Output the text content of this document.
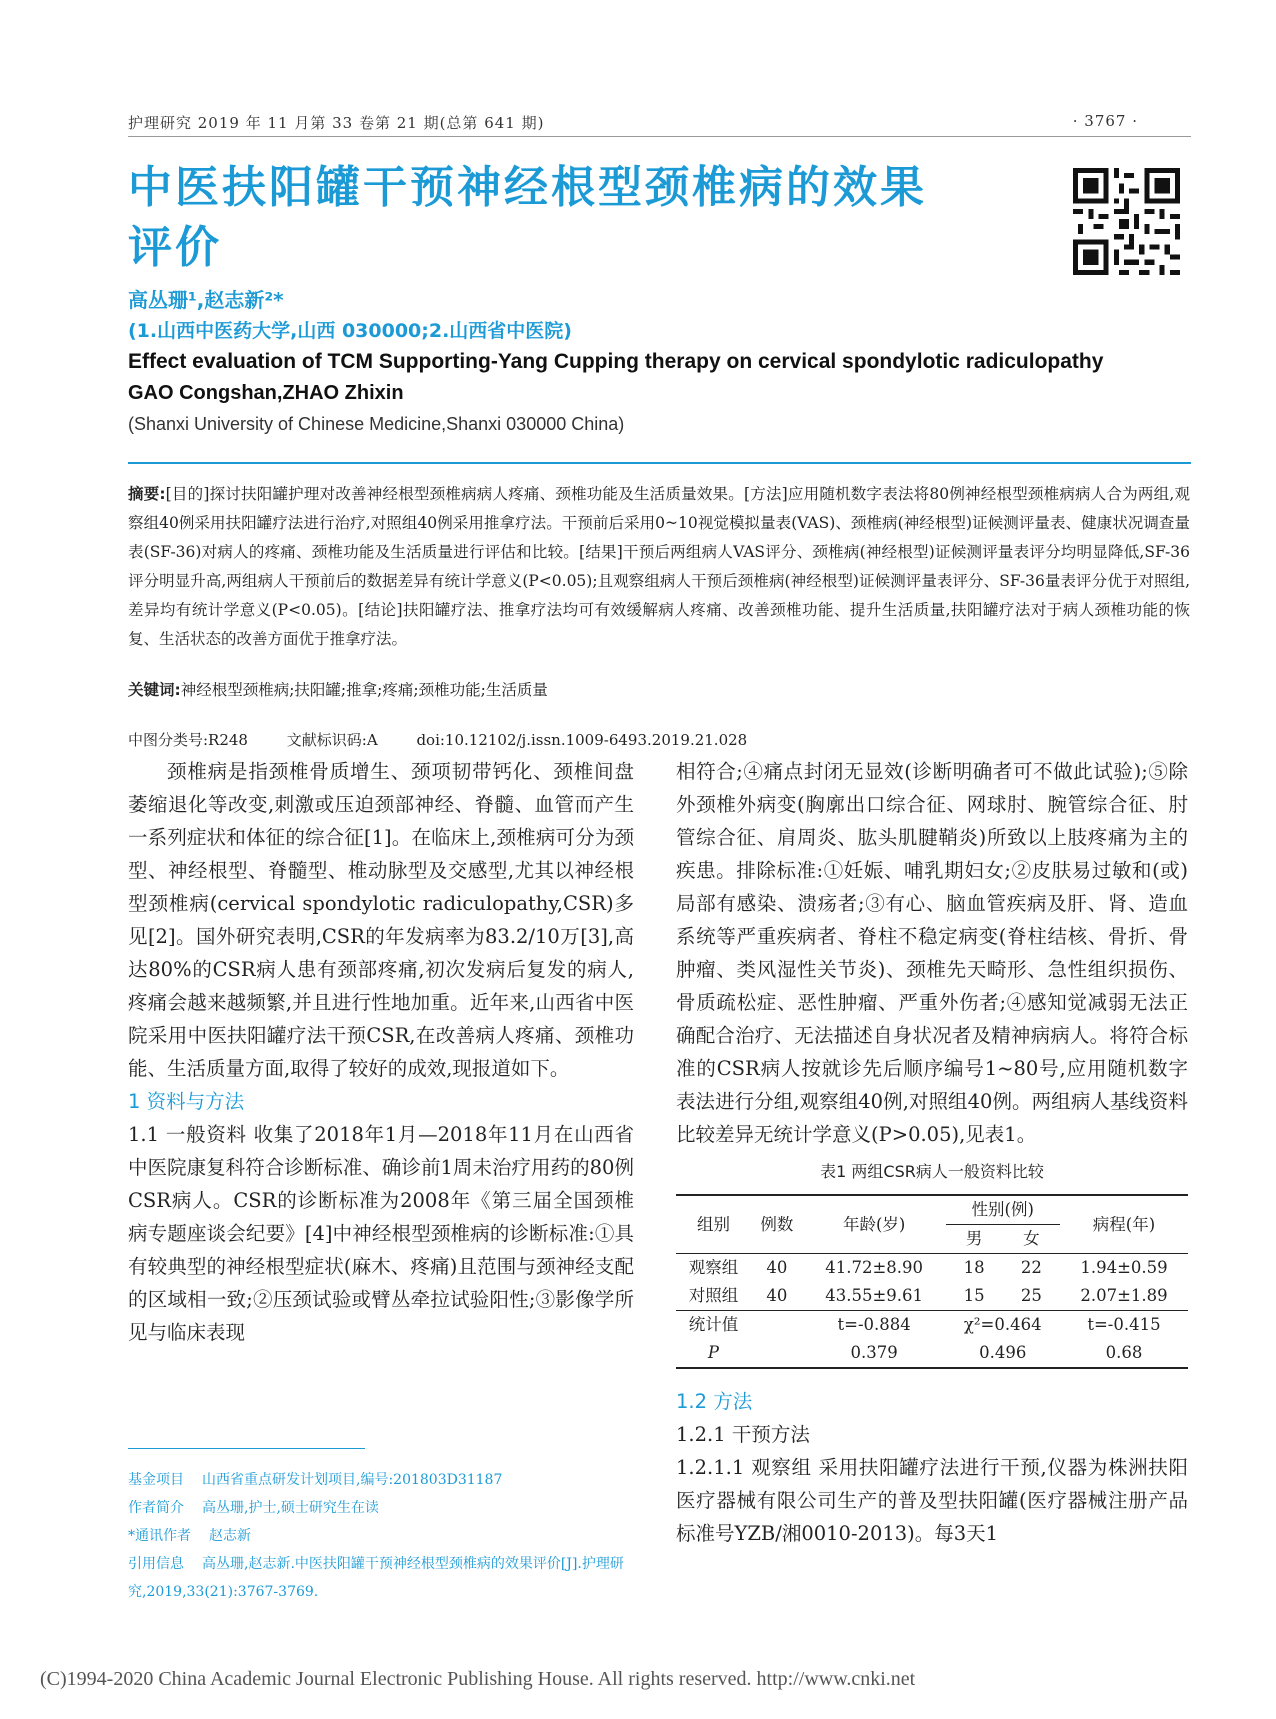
护理研究 2019 年 11 月第 33 卷第 21 期(总第 641 期)	· 3767 ·
中医扶阳罐干预神经根型颈椎病的效果
评价
高丛珊¹,赵志新²*
(1.山西中医药大学,山西 030000;2.山西省中医院)
Effect evaluation of TCM Supporting-Yang Cupping therapy on cervical spondylotic radiculopathy
GAO Congshan,ZHAO Zhixin
(Shanxi University of Chinese Medicine,Shanxi 030000 China)
摘要:[目的]探讨扶阳罐护理对改善神经根型颈椎病病人疼痛、颈椎功能及生活质量效果。[方法]应用随机数字表法将80例神经根型颈椎病病人合为两组,观察组40例采用扶阳罐疗法进行治疗,对照组40例采用推拿疗法。干预前后采用0~10视觉模拟量表(VAS)、颈椎病(神经根型)证候测评量表、健康状况调查量表(SF-36)对病人的疼痛、颈椎功能及生活质量进行评估和比较。[结果]干预后两组病人VAS评分、颈椎病(神经根型)证候测评量表评分均明显降低,SF-36评分明显升高,两组病人干预前后的数据差异有统计学意义(P<0.05);且观察组病人干预后颈椎病(神经根型)证候测评量表评分、SF-36量表评分优于对照组,差异均有统计学意义(P<0.05)。[结论]扶阳罐疗法、推拿疗法均可有效缓解病人疼痛、改善颈椎功能、提升生活质量,扶阳罐疗法对于病人颈椎功能的恢复、生活状态的改善方面优于推拿疗法。
关键词:神经根型颈椎病;扶阳罐;推拿;疼痛;颈椎功能;生活质量
中图分类号:R248	文献标识码:A	doi:10.12102/j.issn.1009-6493.2019.21.028

颈椎病是指颈椎骨质增生、颈项韧带钙化、颈椎间盘萎缩退化等改变,刺激或压迫颈部神经、脊髓、血管而产生一系列症状和体征的综合征[1]。在临床上,颈椎病可分为颈型、神经根型、脊髓型、椎动脉型及交感型,尤其以神经根型颈椎病(cervical spondylotic radiculopathy,CSR)多见[2]。国外研究表明,CSR的年发病率为83.2/10万[3],高达80%的CSR病人患有颈部疼痛,初次发病后复发的病人,疼痛会越来越频繁,并且进行性地加重。近年来,山西省中医院采用中医扶阳罐疗法干预CSR,在改善病人疼痛、颈椎功能、生活质量方面,取得了较好的成效,现报道如下。

1 资料与方法

1.1 一般资料 收集了2018年1月—2018年11月在山西省中医院康复科符合诊断标准、确诊前1周未治疗用药的80例CSR病人。CSR的诊断标准为2008年《第三届全国颈椎病专题座谈会纪要》[4]中神经根型颈椎病的诊断标准:①具有较典型的神经根型症状(麻木、疼痛)且范围与颈神经支配的区域相一致;②压颈试验或臂丛牵拉试验阳性;③影像学所见与临床表现

相符合;④痛点封闭无显效(诊断明确者可不做此试验);⑤除外颈椎外病变(胸廓出口综合征、网球肘、腕管综合征、肘管综合征、肩周炎、肱头肌腱鞘炎)所致以上肢疼痛为主的疾患。排除标准:①妊娠、哺乳期妇女;②皮肤易过敏和(或)局部有感染、溃疡者;③有心、脑血管疾病及肝、肾、造血系统等严重疾病者、脊柱不稳定病变(脊柱结核、骨折、骨肿瘤、类风湿性关节炎)、颈椎先天畸形、急性组织损伤、骨质疏松症、恶性肿瘤、严重外伤者;④感知觉减弱无法正确配合治疗、无法描述自身状况者及精神病病人。将符合标准的CSR病人按就诊先后顺序编号1~80号,应用随机数字表法进行分组,观察组40例,对照组40例。两组病人基线资料比较差异无统计学意义(P>0.05),见表1。

表1 两组CSR病人一般资料比较
组别	例数	年龄(岁)	性别(例)		病程(年)
			男	女	
观察组	40	41.72±8.90	18	22	1.94±0.59
对照组	40	43.55±9.61	15	25	2.07±1.89
统计值		t=-0.884	χ²=0.464		t=-0.415
P		0.379	0.496		0.68

1.2 方法

1.2.1 干预方法

1.2.1.1 观察组 采用扶阳罐疗法进行干预,仪器为株洲扶阳医疗器械有限公司生产的普及型扶阳罐(医疗器械注册产品标准号YZB/湘0010-2013)。每3天1

基金项目 山西省重点研发计划项目,编号:201803D31187
作者简介 高丛珊,护士,硕士研究生在读
*通讯作者 赵志新
引用信息 高丛珊,赵志新.中医扶阳罐干预神经根型颈椎病的效果评价[J].护理研究,2019,33(21):3767-3769.
(C)1994-2020 China Academic Journal Electronic Publishing House. All rights reserved. http://www.cnki.net
